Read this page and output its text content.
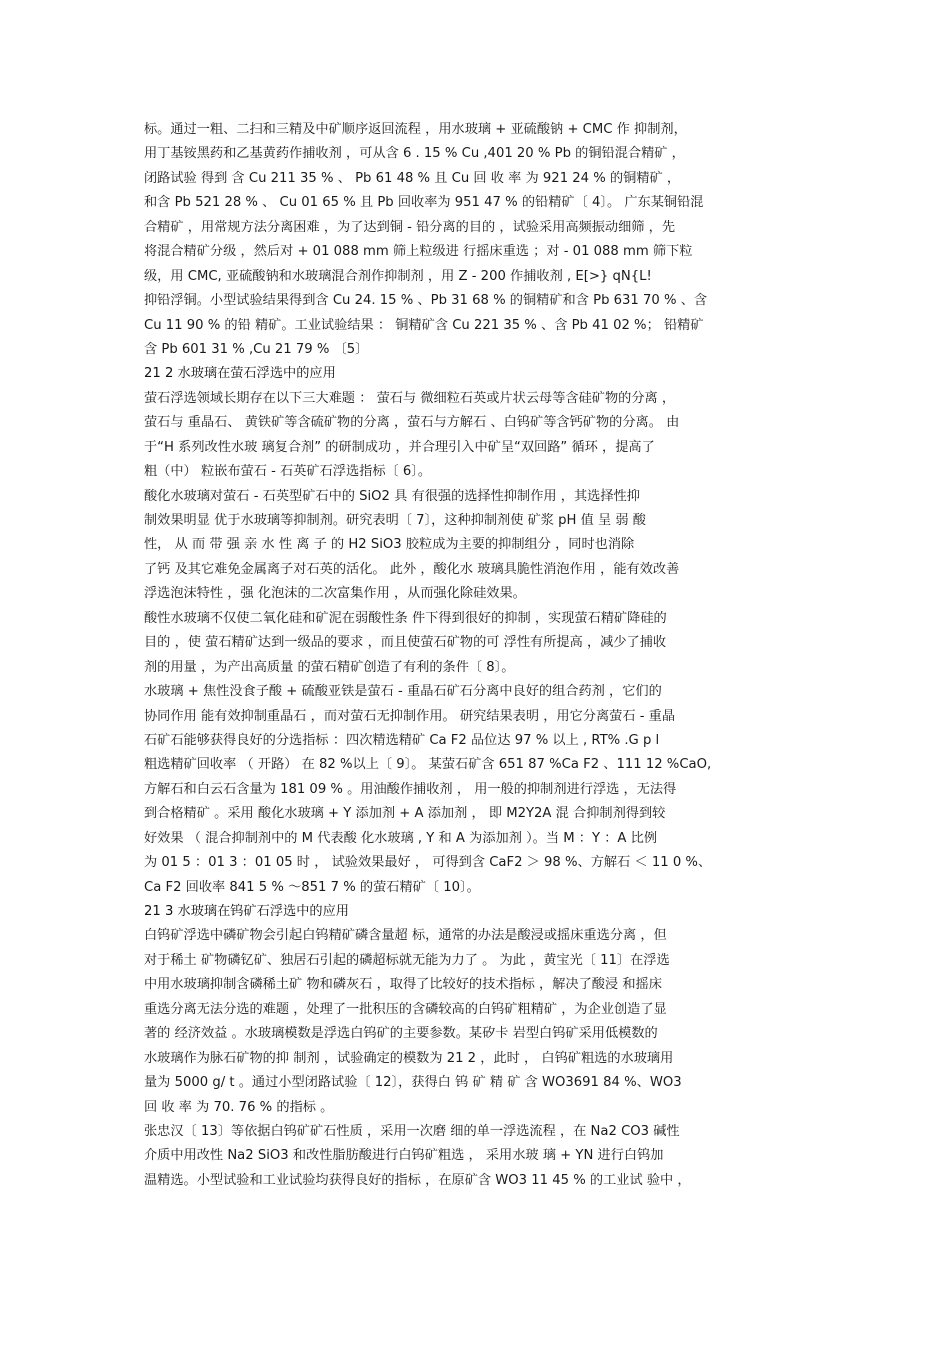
标。通过一粗、二扫和三精及中矿顺序返回流程 ，用水玻璃 + 亚硫酸钠 + CMC 作 抑制剂，
用丁基铵黑药和乙基黄药作捕收剂 ，可从含 6 . 15 % Cu ,401 20 % Pb 的铜铅混合精矿 ，
闭路试验 得到 含 Cu 211 35 % 、 Pb 61 48 % 且 Cu 回 收 率 为 921 24 % 的铜精矿 ，
和含 Pb 521 28 % 、 Cu 01 65 % 且 Pb 回收率为 951 47 % 的铅精矿〔 4〕。 广东某铜铅混
合精矿 ，用常规方法分离困难 ，为了达到铜 - 铅分离的目的 ，试验采用高频振动细筛 ，先
将混合精矿分级 ，然后对 + 01 088 mm 筛上粒级进 行摇床重选 ；对 - 01 088 mm 筛下粒
级，用 CMC, 亚硫酸钠和水玻璃混合剂作抑制剂 ，用 Z - 200 作捕收剂 , E[>} qN{L!
抑铅浮铜。小型试验结果得到含 Cu 24. 15 % 、Pb 31 68 % 的铜精矿和含 Pb 631 70 % 、含
Cu 11 90 % 的铅 精矿。工业试验结果 ： 铜精矿含 Cu 221 35 % 、含 Pb 41 02 %； 铅精矿
含 Pb 601 31 % ,Cu 21 79 % 〔5〕
21 2 水玻璃在萤石浮选中的应用
萤石浮选领域长期存在以下三大难题 ： 萤石与 微细粒石英或片状云母等含硅矿物的分离 ，
萤石与 重晶石、 黄铁矿等含硫矿物的分离 ，萤石与方解石 、白钨矿等含钙矿物的分离。 由
于“H 系列改性水玻 璃复合剂” 的研制成功 ，并合理引入中矿呈“双回路” 循环 ，提高了
粗（中） 粒嵌布萤石 - 石英矿石浮选指标〔 6〕。
酸化水玻璃对萤石 - 石英型矿石中的 SiO2 具 有很强的选择性抑制作用 ，其选择性抑
制效果明显 优于水玻璃等抑制剂。研究表明〔 7〕，这种抑制剂使 矿浆 pH 值 呈 弱 酸
性， 从 而 带 强 亲 水 性 离 子 的 H2 SiO3 胶粒成为主要的抑制组分 ，同时也消除
了钙 及其它难免金属离子对石英的活化。 此外 ，酸化水 玻璃具脆性消泡作用 ，能有效改善
浮选泡沫特性 ，强 化泡沫的二次富集作用 ，从而强化除硅效果。
酸性水玻璃不仅使二氧化硅和矿泥在弱酸性条 件下得到很好的抑制 ，实现萤石精矿降硅的
目的 ，使 萤石精矿达到一级品的要求 ，而且使萤石矿物的可 浮性有所提高 ，减少了捕收
剂的用量 ，为产出高质量 的萤石精矿创造了有利的条件〔 8〕。
水玻璃 + 焦性没食子酸 + 硫酸亚铁是萤石 - 重晶石矿石分离中良好的组合药剂 ，它们的
协同作用 能有效抑制重晶石 ，而对萤石无抑制作用。 研究结果表明 ，用它分离萤石 - 重晶
石矿石能够获得良好的分选指标 ：四次精选精矿 Ca F2 品位达 97 % 以上 , RT% .G p l
粗选精矿回收率 （ 开路） 在 82 %以上〔 9〕。 某萤石矿含 651 87 %Ca F2 、111 12 %CaO,
方解石和白云石含量为 181 09 % 。用油酸作捕收剂 ， 用一般的抑制剂进行浮选 ，无法得
到合格精矿 。采用 酸化水玻璃 + Y 添加剂 + A 添加剂 ， 即 M2Y2A 混 合抑制剂得到较
好效果 （ 混合抑制剂中的 M 代表酸 化水玻璃 , Y 和 A 为添加剂 ）。当 M ：Y ：A 比例
为 01 5 ：01 3 ：01 05 时 ， 试验效果最好 ， 可得到含 CaF2 ＞ 98 %、方解石 ＜ 11 0 %、
Ca F2 回收率 841 5 % ～851 7 % 的萤石精矿〔 10〕。
21 3 水玻璃在钨矿石浮选中的应用
白钨矿浮选中磷矿物会引起白钨精矿磷含量超 标，通常的办法是酸浸或摇床重选分离 ，但
对于稀土 矿物磷钇矿、独居石引起的磷超标就无能为力了 。 为此 ，黄宝光〔 11〕在浮选
中用水玻璃抑制含磷稀土矿 物和磷灰石 ，取得了比较好的技术指标 ，解决了酸浸 和摇床
重选分离无法分选的难题 ，处理了一批积压的含磷较高的白钨矿粗精矿 ，为企业创造了显
著的 经济效益 。水玻璃模数是浮选白钨矿的主要参数。某矽卡 岩型白钨矿采用低模数的
水玻璃作为脉石矿物的抑 制剂 ，试验确定的模数为 21 2 ，此时 ， 白钨矿粗选的水玻璃用
量为 5000 g/ t 。通过小型闭路试验〔 12〕，获得白 钨 矿 精 矿 含 WO3691 84 %、WO3
回 收 率 为 70. 76 % 的指标 。
张忠汉〔 13〕等依据白钨矿矿石性质 ，采用一次磨 细的单一浮选流程 ，在 Na2 CO3 碱性
介质中用改性 Na2 SiO3 和改性脂肪酸进行白钨矿粗选 ， 采用水玻 璃 + YN 进行白钨加
温精选。小型试验和工业试验均获得良好的指标 ，在原矿含 WO3 11 45 % 的工业试 验中 ，
